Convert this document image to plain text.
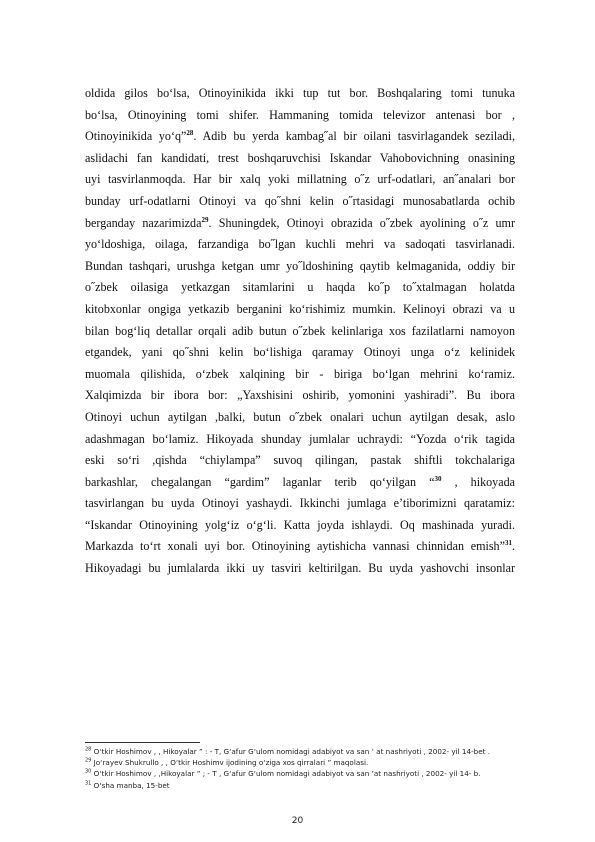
oldida gilos bo‘lsa, Otinoyinikida ikki tup tut bor. Boshqalaring tomi tunuka
bo‘lsa, Otinoyining tomi shifer. Hammaning tomida televizor antenasi bor ,
Otinoyinikida yo‘q”$^{28}$. Adib bu yerda kambag˝al bir oilani tasvirlagandek seziladi,
aslidachi fan kandidati, trest boshqaruvchisi Iskandar Vahobovichning onasining
uyi tasvirlanmoqda. Har bir xalq yoki millatning o˝z urf-odatlari, an˝analari bor
bunday urf-odatlarni Otinoyi va qo˝shni kelin o˝rtasidagi munosabatlarda ochib
berganday nazarimizda$^{29}$. Shuningdek, Otinoyi obrazida o˝zbek ayolining o˝z umr
yo‘ldoshiga, oilaga, farzandiga bo˝lgan kuchli mehri va sadoqati tasvirlanadi.
Bundan tashqari, urushga ketgan umr yo˝ldoshining qaytib kelmaganida, oddiy bir
o˝zbek oilasiga yetkazgan sitamlarini u haqda ko˝p to˝xtalmagan holatda
kitobxonlar ongiga yetkazib berganini ko‘rishimiz mumkin. Kelinoyi obrazi va u
bilan bog‘liq detallar orqali adib butun o˝zbek kelinlariga xos fazilatlarni namoyon
etgandek, yani qo˝shni kelin bo‘lishiga qaramay Otinoyi unga o‘z kelinidek
muomala qilishida, o‘zbek xalqining bir - biriga bo‘lgan mehrini ko‘ramiz.
Xalqimizda bir ibora bor: „Yaxshisini oshirib, yomonini yashiradi”. Bu ibora
Otinoyi uchun aytilgan ,balki, butun o˝zbek onalari uchun aytilgan desak, aslo
adashmagan bo‘lamiz. Hikoyada shunday jumlalar uchraydi: “Yozda o‘rik tagida
eski so‘ri ,qishda “chiylampa” suvoq qilingan, pastak shiftli tokchalariga
barkashlar, chegalangan “gardim” laganlar terib qo‘yilgan “$^{30}$ , hikoyada
tasvirlangan bu uyda Otinoyi yashaydi. Ikkinchi jumlaga e’tiborimizni qaratamiz:
“Iskandar Otinoyining yolg‘iz o‘g‘li. Katta joyda ishlaydi. Oq mashinada yuradi.
Markazda to‘rt xonali uyi bor. Otinoyining aytishicha vannasi chinnidan emish”$^{31}$.
Hikoyadagi bu jumlalarda ikki uy tasviri keltirilgan. Bu uyda yashovchi insonlar
$^{28}$ O‘tkir Hoshimov , , Hikoyalar ” : - T, G‘afur G‘ulom nomidagi adabiyot va san ’ at nashriyoti , 2002- yil 14-bet .
$^{29}$ Jo‘rayev Shukrullo , , O‘tkir Hoshimv ijodining o‘ziga xos qirralari ” maqolasi.
$^{30}$ O‘tkir Hoshimov , ,Hikoyalar ” ; - T , G‘afur G‘ulom nomidagi adabiyot va san ’at nashriyoti , 2002- yil 14- b.
$^{31}$ O‘sha manba, 15-bet
20
